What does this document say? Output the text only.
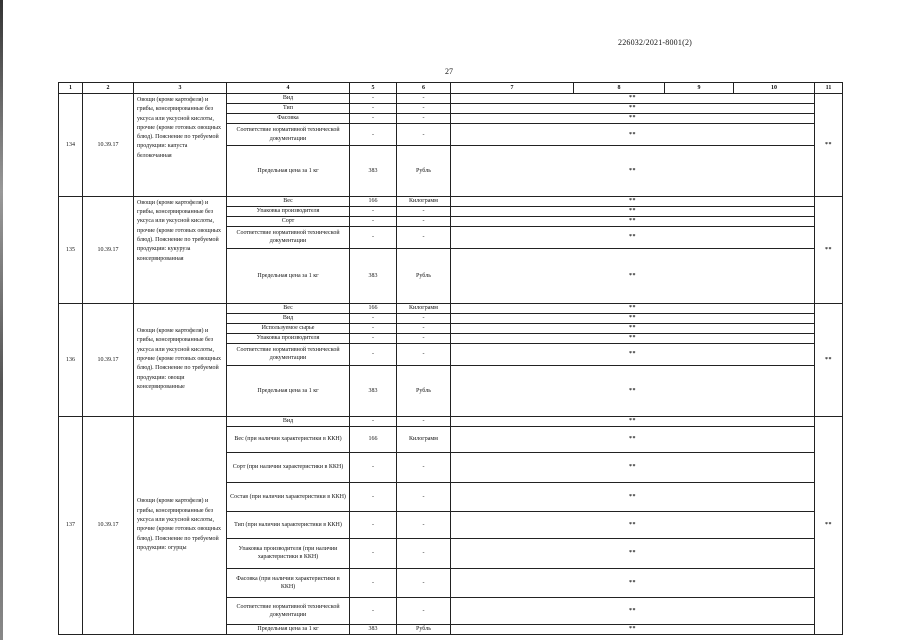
226032/2021-8001(2)
27
1	2	3	4	5	6	7	8	9	10	11
134	10.39.17	Овощи (кроме картофеля) и грибы, консервированные без уксуса или уксусной кислоты, прочие (кроме готовых овощных блюд). Пояснение по требуемой продукции: капуста белокочанная	Вид	-	-	**				**
			Тип	-	-	**				
			Фасовка	-	-	**				
			Соответствие нормативной технической документации	-	-	**				
			Предельная цена за 1 кг	383	Рубль	**				
135	10.39.17	Овощи (кроме картофеля) и грибы, консервированные без уксуса или уксусной кислоты, прочие (кроме готовых овощных блюд). Пояснение по требуемой продукции: кукуруза консервированная	Вес	166	Килограмм	**				**
			Упаковка производителя	-	-	**				
			Сорт	-	-	**				
			Соответствие нормативной технической документации	-	-	**				
			Предельная цена за 1 кг	383	Рубль	**				
136	10.39.17	Овощи (кроме картофеля) и грибы, консервированные без уксуса или уксусной кислоты, прочие (кроме готовых овощных блюд). Пояснение по требуемой продукции: овощи консервированные	Вес	166	Килограмм	**				**
			Вид	-	-	**				
			Используемое сырье	-	-	**				
			Упаковка производителя	-	-	**				
			Соответствие нормативной технической документации	-	-	**				
			Предельная цена за 1 кг	383	Рубль	**				
137	10.39.17	Овощи (кроме картофеля) и грибы, консервированные без уксуса или уксусной кислоты, прочие (кроме готовых овощных блюд). Пояснение по требуемой продукции: огурцы	Вид	-	-	**				**
			Вес (при наличии характеристики в ККН)	166	Килограмм	**				
			Сорт (при наличии характеристики в ККН)	-	-	**				
			Состав (при наличии характеристики в ККН)	-	-	**				
			Тип (при наличии характеристики в ККН)	-	-	**				
			Упаковка производителя (при наличии характеристики в ККН)	-	-	**				
			Фасовка (при наличии характеристики в ККН)	-	-	**				
			Соответствие нормативной технической документации	-	-	**				
			Предельная цена за 1 кг	383	Рубль	**				
